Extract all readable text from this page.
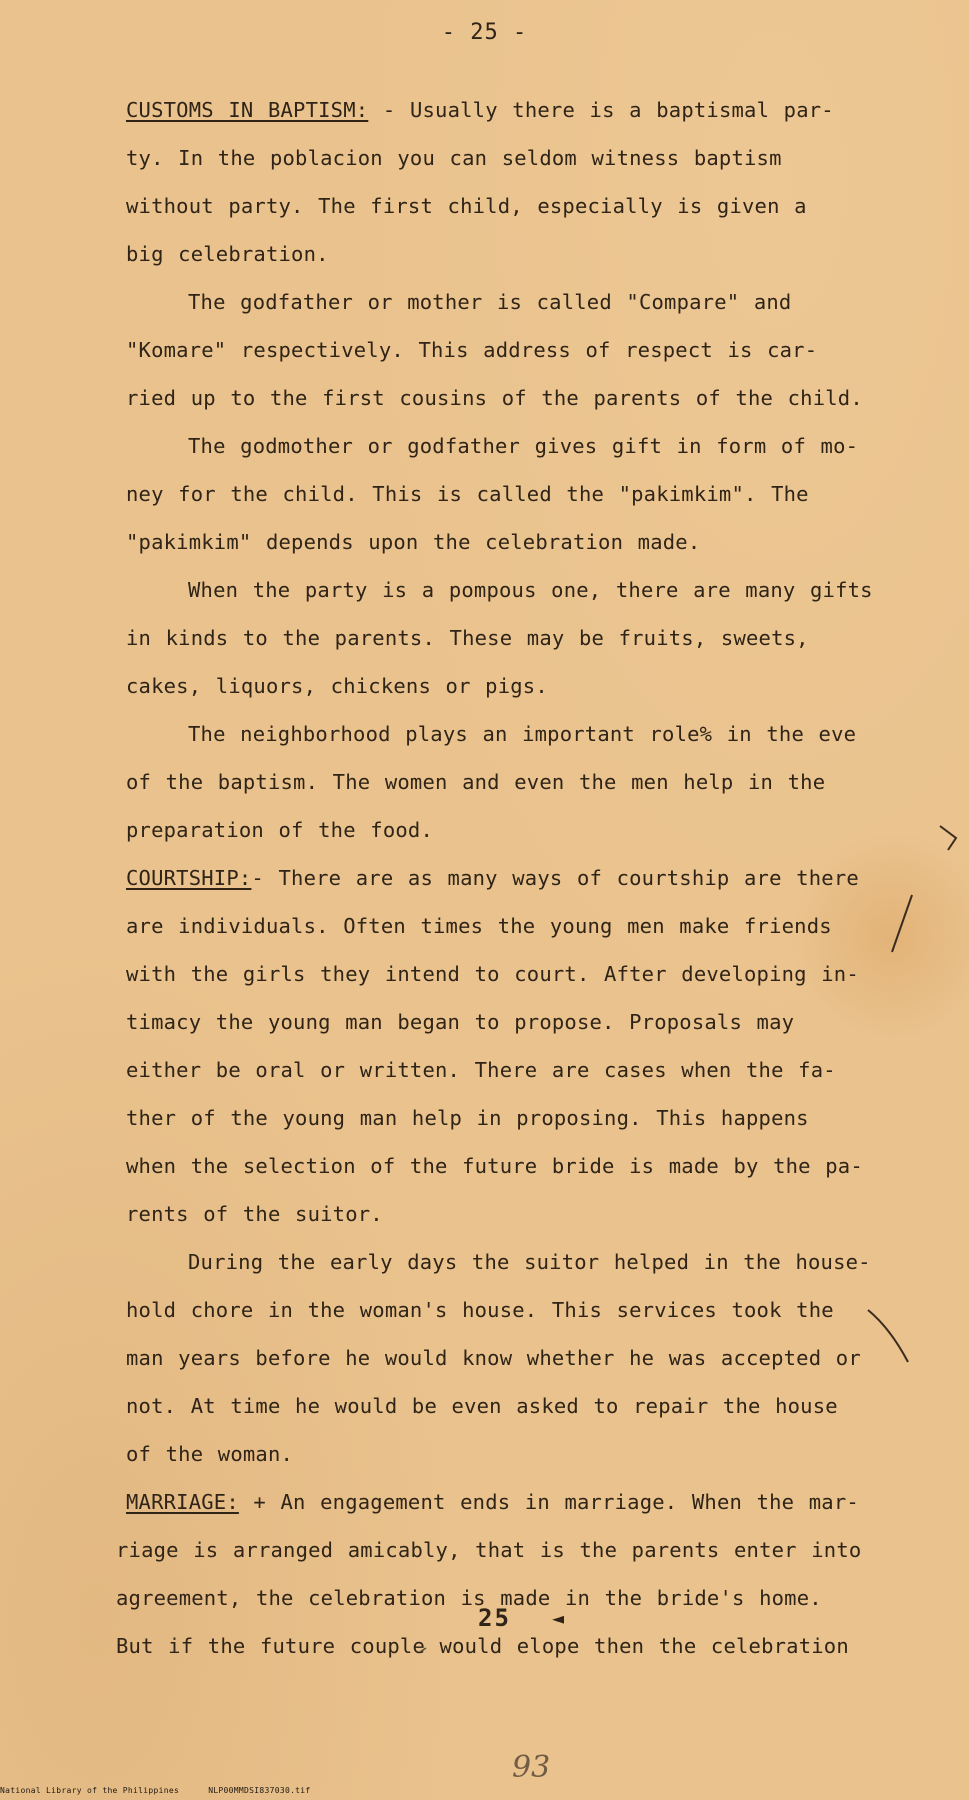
- 25 -
CUSTOMS IN BAPTISM: - Usually there is a baptismal par-
ty. In the poblacion you can seldom witness baptism
without party. The first child, especially is given a
big celebration.
The godfather or mother is called "Compare" and
"Komare" respectively. This address of respect is car-
ried up to the first cousins of the parents of the child.
The godmother or godfather gives gift in form of mo-
ney for the child. This is called the "pakimkim". The
"pakimkim" depends upon the celebration made.
When the party is a pompous one, there are many gifts
in kinds to the parents. These may be fruits, sweets,
cakes, liquors, chickens or pigs.
The neighborhood plays an important role% in the eve
of the baptism. The women and even the men help in the
preparation of the food.
COURTSHIP:- There are as many ways of courtship are there
are individuals. Often times the young men make friends
with the girls they intend to court. After developing in-
timacy the young man began to propose. Proposals may
either be oral or written. There are cases when the fa-
ther of the young man help in proposing. This happens
when the selection of the future bride is made by the pa-
rents of the suitor.
During the early days the suitor helped in the house-
hold chore in the woman's house. This services took the
man years before he would know whether he was accepted or
not. At time he would be even asked to repair the house
of the woman.
MARRIAGE: + An engagement ends in marriage. When the mar-
riage is arranged amicably, that is the parents enter into
agreement, the celebration is made in the bride's home.
But if the future couple would elope then the celebration
25 ◄
93
National Library of the Philippines	NLP00MMDSI837030.tif
